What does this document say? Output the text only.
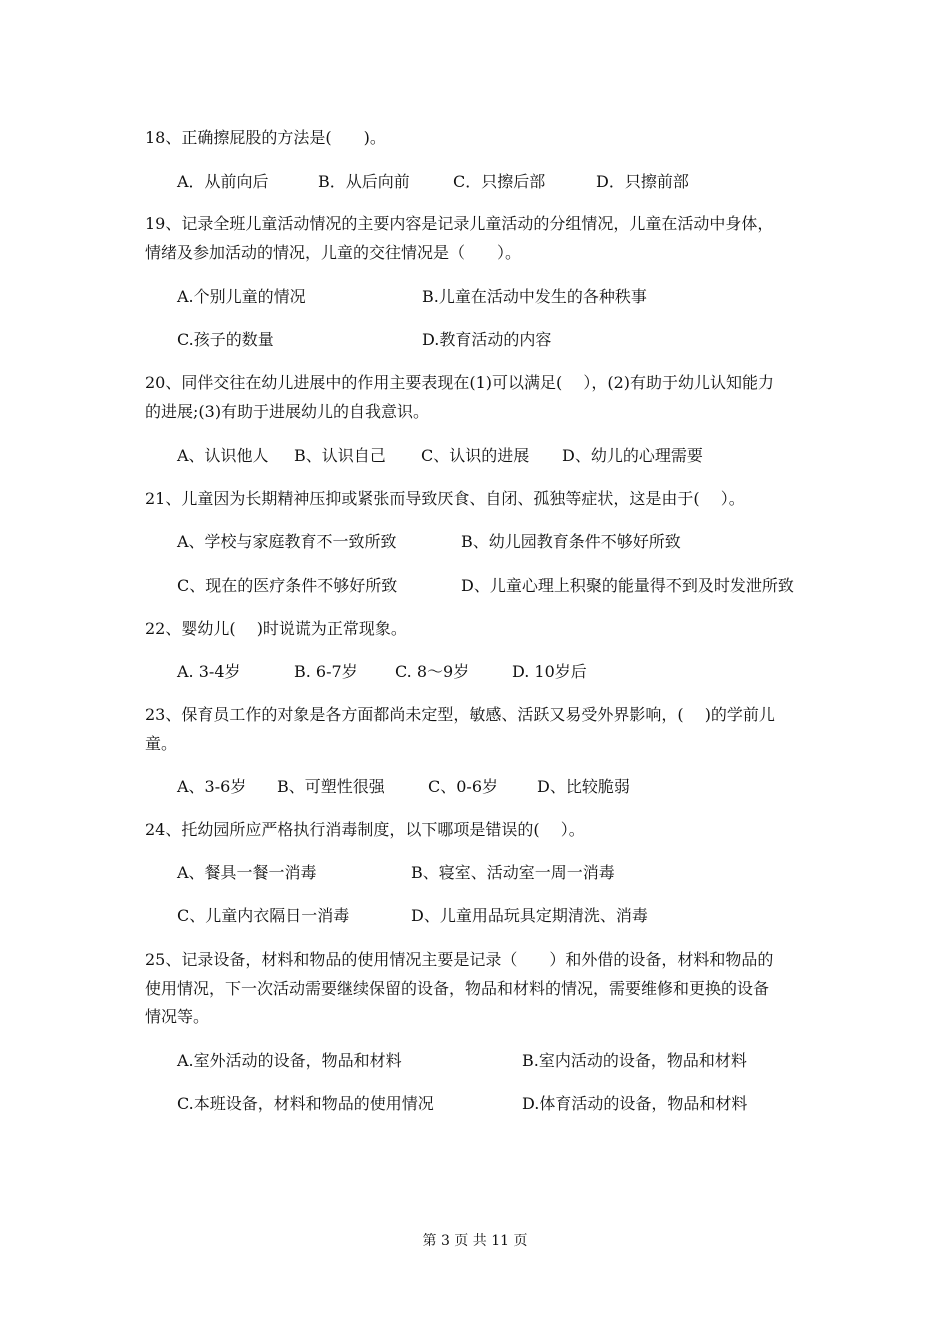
18、正确擦屁股的方法是(　　)。
A．从前向后	B．从后向前	C．只擦后部	D．只擦前部
19、记录全班儿童活动情况的主要内容是记录儿童活动的分组情况，儿童在活动中身体，
情绪及参加活动的情况，儿童的交往情况是（　　）。
A.个别儿童的情况	B.儿童在活动中发生的各种秩事
C.孩子的数量	D.教育活动的内容
20、同伴交往在幼儿进展中的作用主要表现在(1)可以满足(　 ），(2)有助于幼儿认知能力
的进展;(3)有助于进展幼儿的自我意识。
A、认识他人 B、认识自己 C、认识的进展 D、幼儿的心理需要
21、儿童因为长期精神压抑或紧张而导致厌食、自闭、孤独等症状，这是由于(　 ）。
A、学校与家庭教育不一致所致	B、幼儿园教育条件不够好所致
C、现在的医疗条件不够好所致	D、儿童心理上积聚的能量得不到及时发泄所致
22、婴幼儿(　 )时说谎为正常现象。
A. 3-4岁	B. 6-7岁 C. 8～9岁	D. 10岁后
23、保育员工作的对象是各方面都尚未定型，敏感、活跃又易受外界影响，(　 )的学前儿
童。
A、3-6岁 B、可塑性很强	C、0-6岁 D、比较脆弱
24、托幼园所应严格执行消毒制度，以下哪项是错误的(　 ）。
A、餐具一餐一消毒	B、寝室、活动室一周一消毒
C、儿童内衣隔日一消毒	D、儿童用品玩具定期清洗、消毒
25、记录设备，材料和物品的使用情况主要是记录（　　）和外借的设备，材料和物品的
使用情况，下一次活动需要继续保留的设备，物品和材料的情况，需要维修和更换的设备
情况等。
A.室外活动的设备，物品和材料	B.室内活动的设备，物品和材料
C.本班设备，材料和物品的使用情况	D.体育活动的设备，物品和材料
第 3 页 共 11 页
